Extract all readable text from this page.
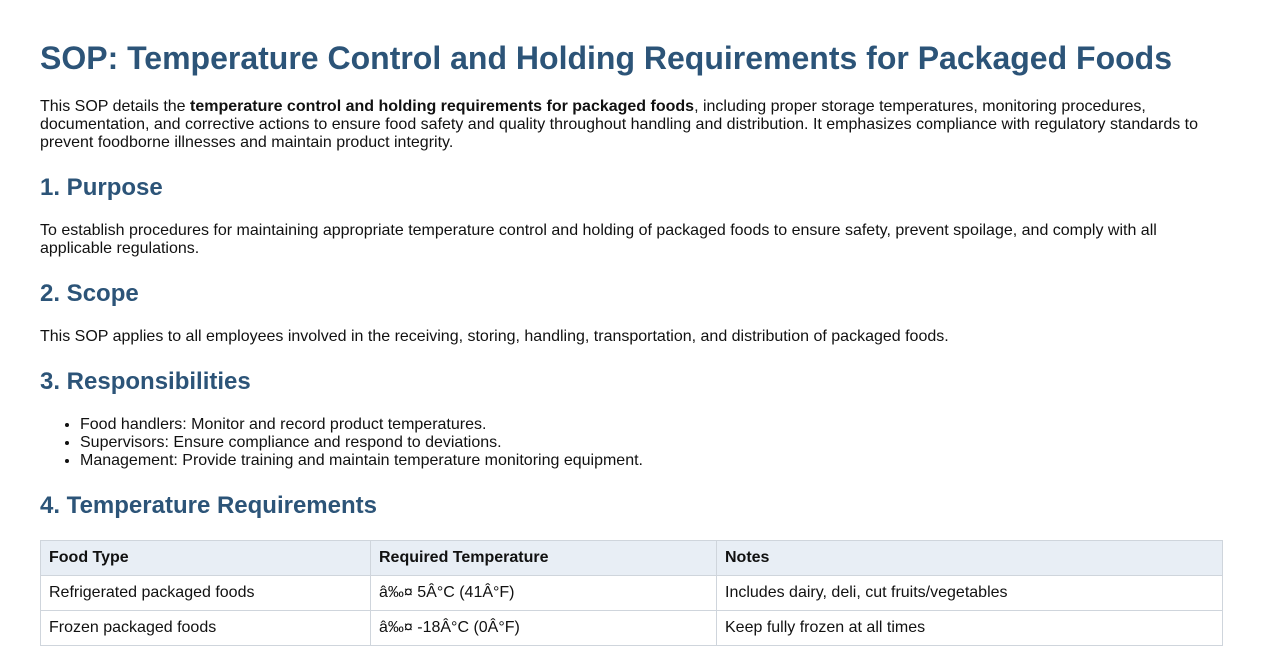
SOP: Temperature Control and Holding Requirements for Packaged Foods

This SOP details the temperature control and holding requirements for packaged foods, including proper storage temperatures, monitoring procedures, documentation, and corrective actions to ensure food safety and quality throughout handling and distribution. It emphasizes compliance with regulatory standards to prevent foodborne illnesses and maintain product integrity.

1. Purpose

To establish procedures for maintaining appropriate temperature control and holding of packaged foods to ensure safety, prevent spoilage, and comply with all applicable regulations.

2. Scope

This SOP applies to all employees involved in the receiving, storing, handling, transportation, and distribution of packaged foods.

3. Responsibilities
• Food handlers: Monitor and record product temperatures.
• Supervisors: Ensure compliance and respond to deviations.
• Management: Provide training and maintain temperature monitoring equipment.
4. Temperature Requirements
Food Type	Required Temperature	Notes
Refrigerated packaged foods	â‰¤ 5Â°C (41Â°F)	Includes dairy, deli, cut fruits/vegetables
Frozen packaged foods	â‰¤ -18Â°C (0Â°F)	Keep fully frozen at all times
